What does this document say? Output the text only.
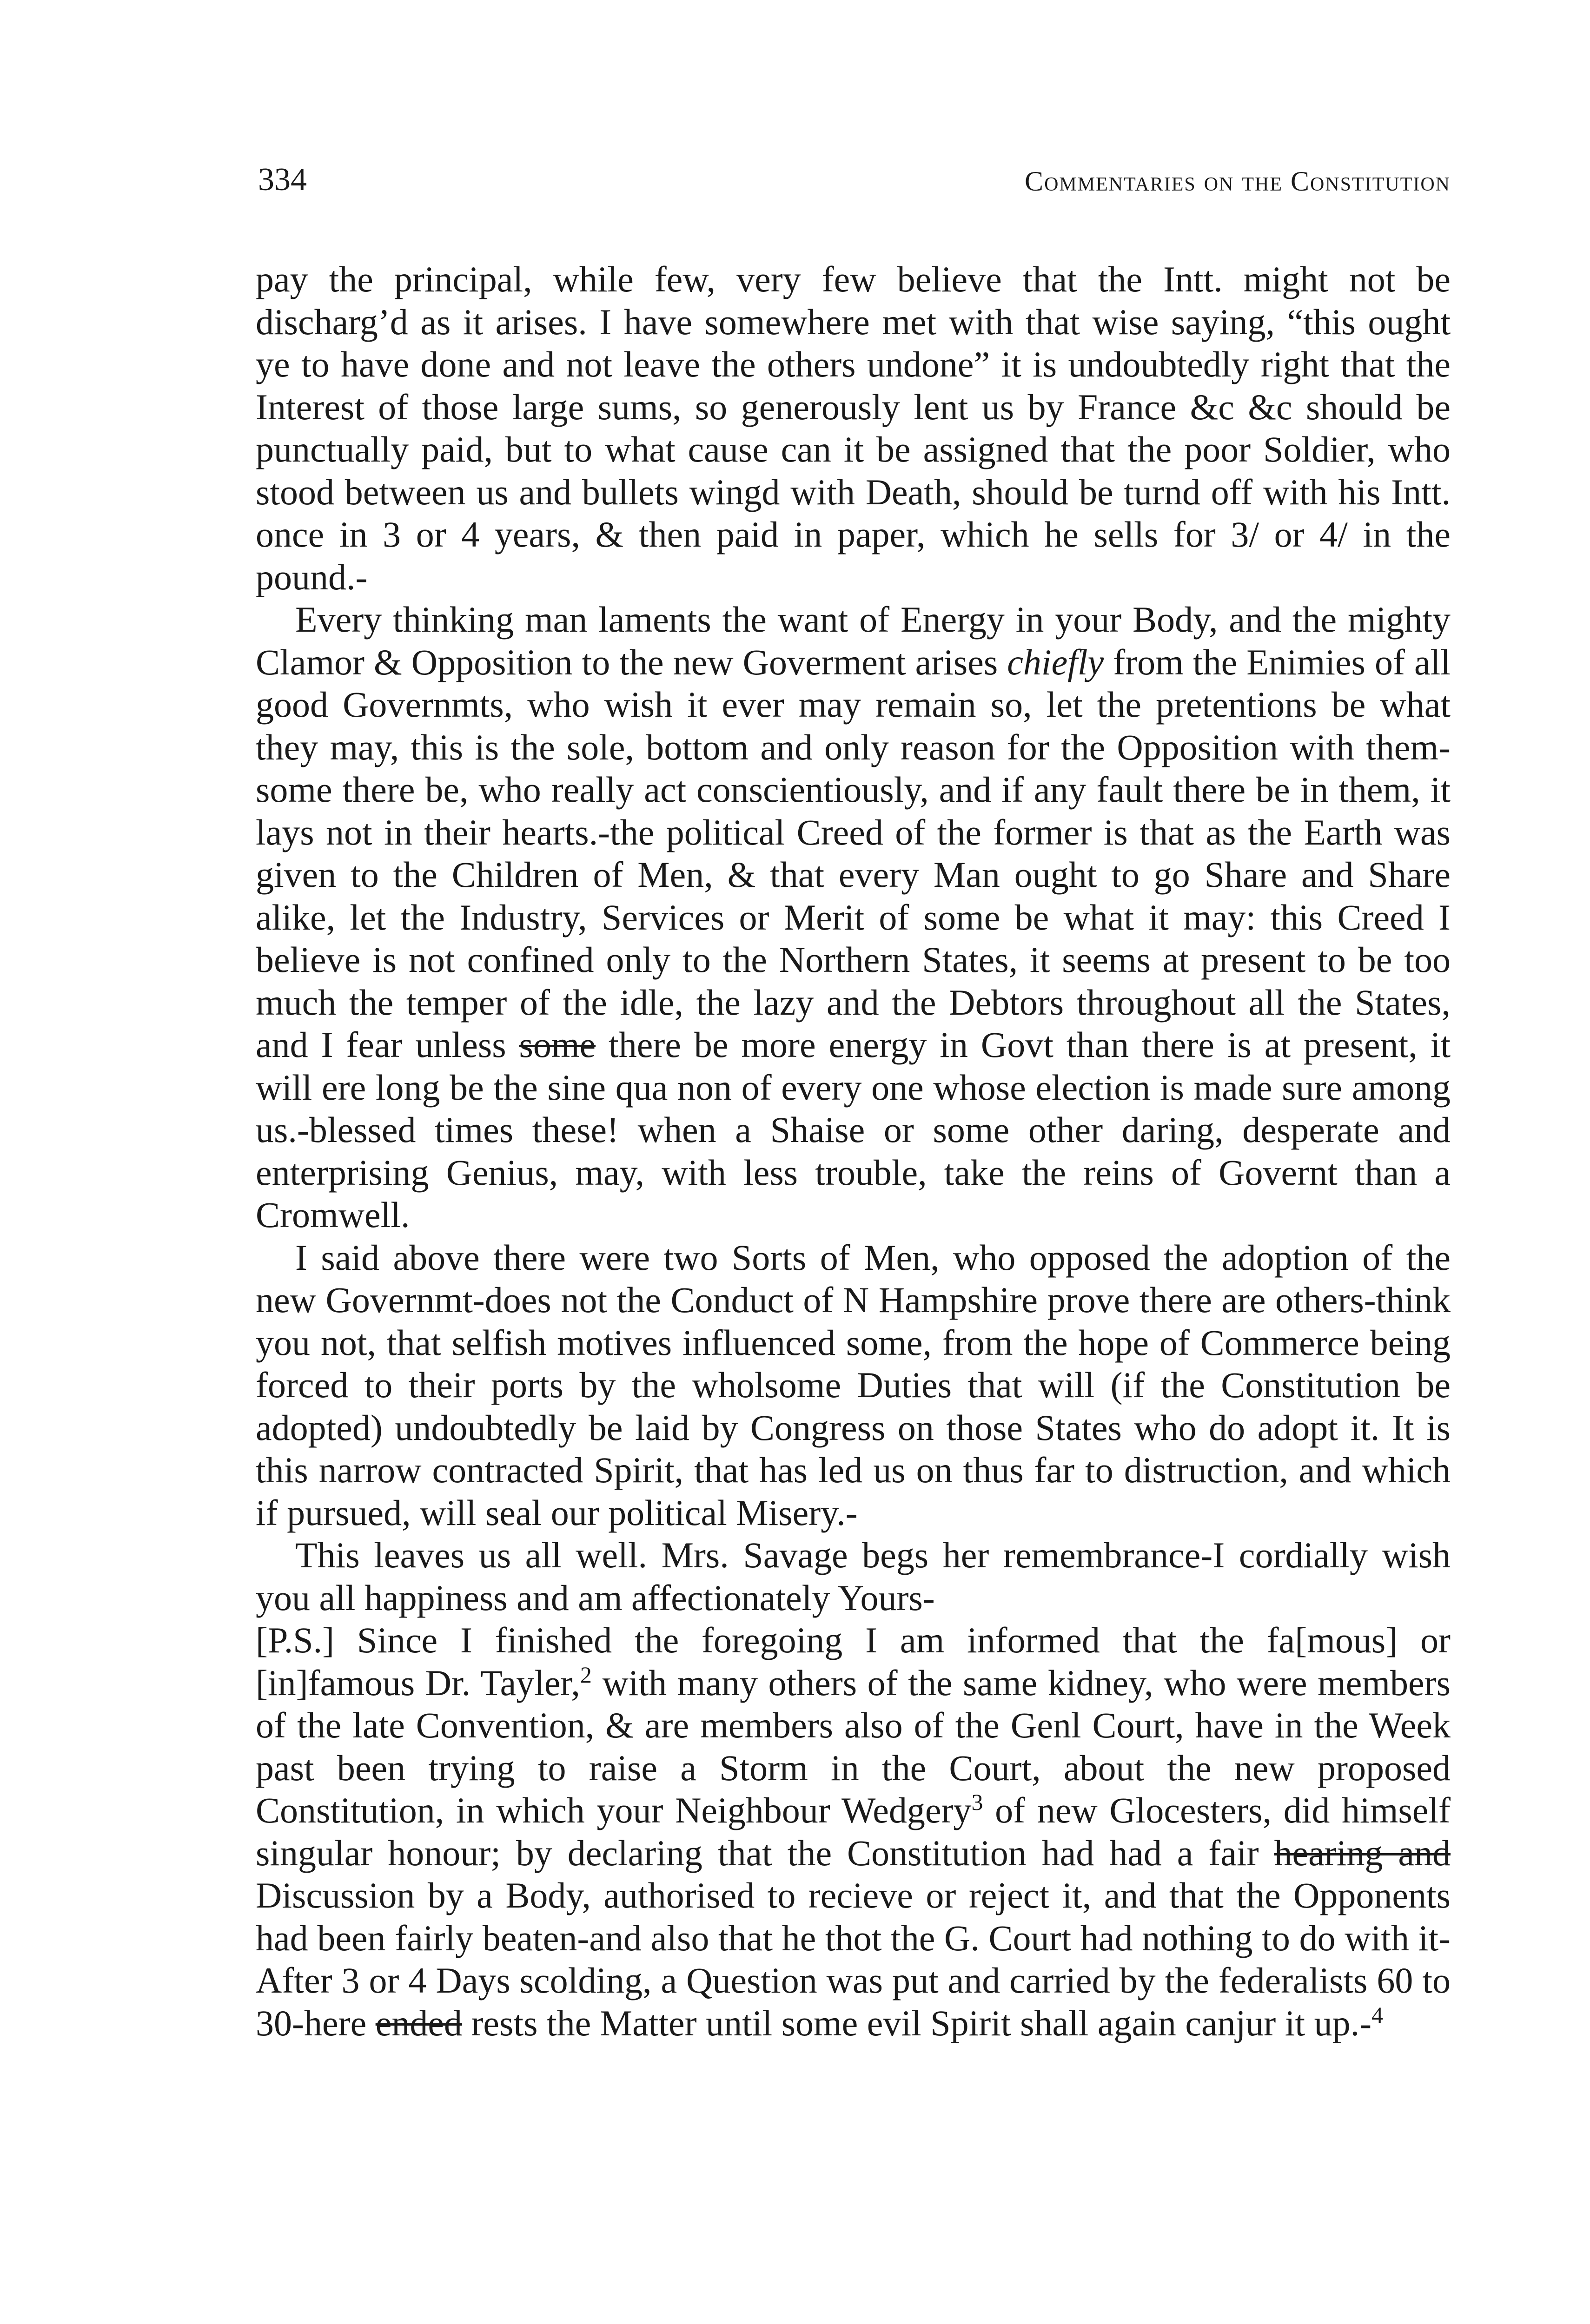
334	Commentaries on the Constitution

pay the principal, while few, very few believe that the Intt. might not be discharg’d as it arises. I have somewhere met with that wise saying, “this ought ye to have done and not leave the others undone” it is undoubtedly right that the Interest of those large sums, so generously lent us by France &c &c should be punctually paid, but to what cause can it be assigned that the poor Soldier, who stood between us and bullets wingd with Death, should be turnd off with his Intt. once in 3 or 4 years, & then paid in paper, which he sells for 3/ or 4/ in the pound.-

Every thinking man laments the want of Energy in your Body, and the mighty Clamor & Opposition to the new Goverment arises chiefly from the Enimies of all good Governmts, who wish it ever may remain so, let the pretentions be what they may, this is the sole, bottom and only reason for the Opposition with them-some there be, who really act conscientiously, and if any fault there be in them, it lays not in their hearts.-the political Creed of the former is that as the Earth was given to the Children of Men, & that every Man ought to go Share and Share alike, let the Industry, Services or Merit of some be what it may: this Creed I believe is not confined only to the Northern States, it seems at present to be too much the temper of the idle, the lazy and the Debtors throughout all the States, and I fear unless some there be more energy in Govt than there is at present, it will ere long be the sine qua non of every one whose election is made sure among us.-blessed times these! when a Shaise or some other daring, desperate and enterprising Genius, may, with less trouble, take the reins of Governt than a Cromwell.

I said above there were two Sorts of Men, who opposed the adoption of the new Governmt-does not the Conduct of N Hampshire prove there are others-think you not, that selfish motives influenced some, from the hope of Commerce being forced to their ports by the wholsome Duties that will (if the Constitution be adopted) undoubtedly be laid by Congress on those States who do adopt it. It is this narrow contracted Spirit, that has led us on thus far to distruction, and which if pursued, will seal our political Misery.-

This leaves us all well. Mrs. Savage begs her remembrance-I cordially wish you all happiness and am affectionately Yours-

[P.S.] Since I finished the foregoing I am informed that the fa[mous] or [in]famous Dr. Tayler,$^2$ with many others of the same kidney, who were members of the late Convention, & are members also of the Genl Court, have in the Week past been trying to raise a Storm in the Court, about the new proposed Constitution, in which your Neighbour Wedgery$^3$ of new Glocesters, did himself singular honour; by declaring that the Constitution had had a fair hearing and Discussion by a Body, authorised to recieve or reject it, and that the Opponents had been fairly beaten-and also that he thot the G. Court had nothing to do with it-After 3 or 4 Days scolding, a Question was put and carried by the federalists 60 to 30-here ended rests the Matter until some evil Spirit shall again canjur it up.-$^4$
